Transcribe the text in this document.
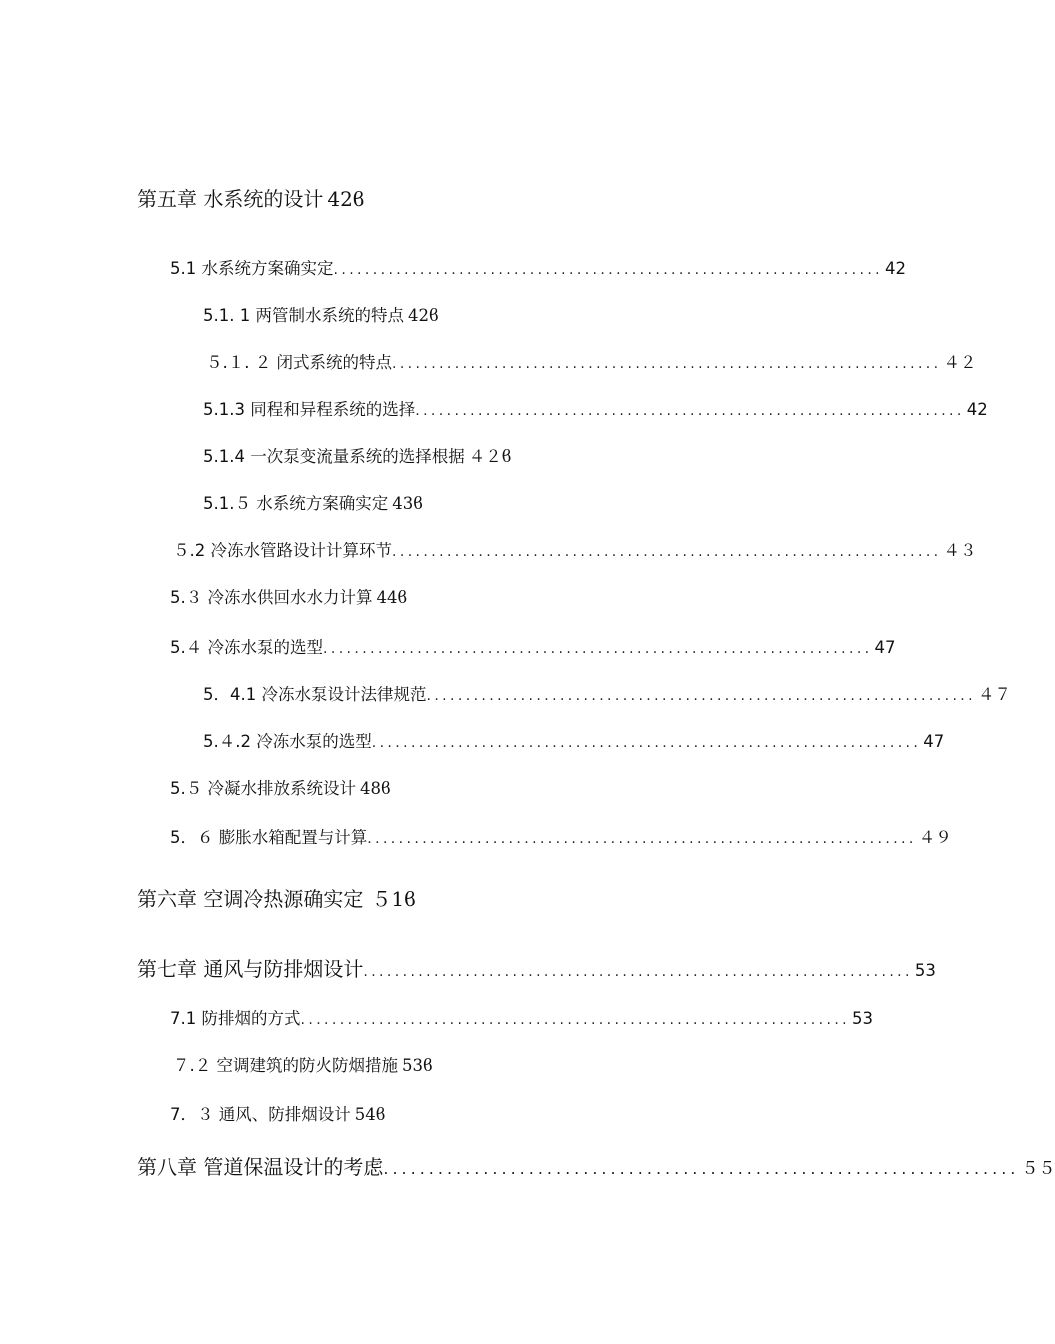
第五章 水系统的设计 42ϐ
5.1 水系统方案确实定 ...................................................................... 42
5.1. 1 两管制水系统的特点 42ϐ
５.１. ２ 闭式系统的特点 ...................................................................... ４２
5.1.3 同程和异程系统的选择 ...................................................................... 42
5.1.4 一次泵变流量系统的选择根据 ４２ϐ
5.1.５ 水系统方案确实定 43ϐ
５.2 冷冻水管路设计计算环节 ...................................................................... ４３
5.３ 冷冻水供回水水力计算 44ϐ
5.４ 冷冻水泵的选型 ...................................................................... 47
5．4.1 冷冻水泵设计法律规范 ...................................................................... ４７
5.４.2 冷冻水泵的选型 ...................................................................... 47
5.５ 冷凝水排放系统设计 48ϐ
5．６ 膨胀水箱配置与计算 ...................................................................... ４９
第六章 空调冷热源确实定 ５1ϐ
第七章 通风与防排烟设计 ...................................................................... 53
7.1 防排烟的方式 ...................................................................... 53
７.２ 空调建筑的防火防烟措施 53ϐ
7．３ 通风、防排烟设计 54ϐ
第八章 管道保温设计的考虑 ...................................................................... ５５
